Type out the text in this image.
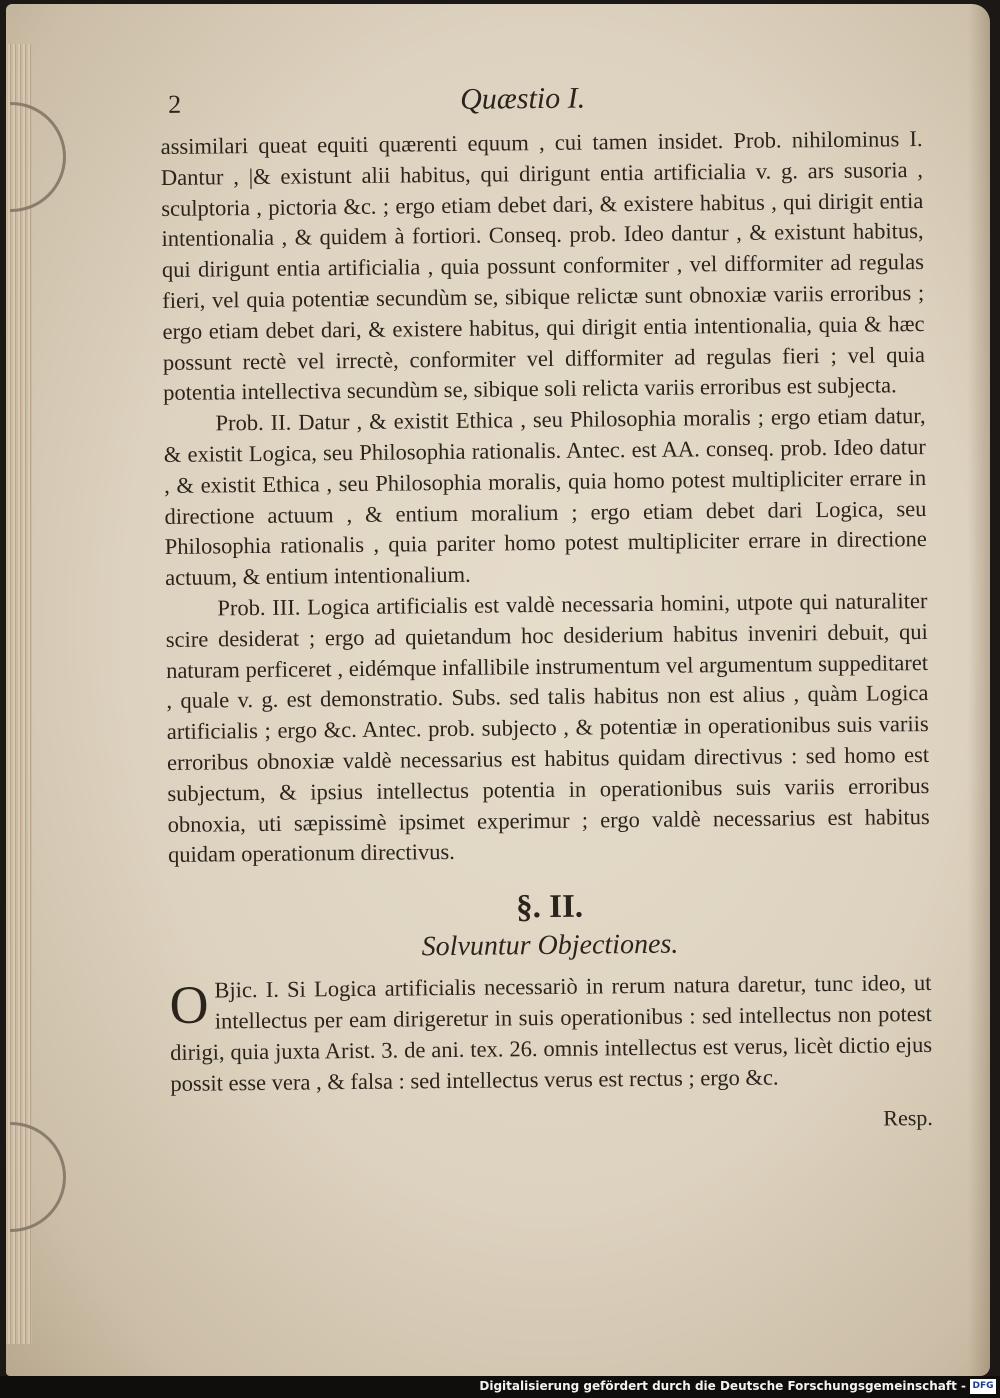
2	Quæstio I.

assimilari queat equiti quærenti equum , cui tamen insidet. Prob. nihilominus I. Dantur , |& existunt alii habitus, qui dirigunt entia artificialia v. g. ars susoria , sculptoria , pictoria &c. ; ergo etiam debet dari, & existere habitus , qui dirigit entia intentionalia , & quidem à fortiori. Conseq. prob. Ideo dantur , & existunt habitus, qui dirigunt entia artificialia , quia possunt conformiter , vel difformiter ad regulas fieri, vel quia potentiæ secundùm se, sibique relictæ sunt obnoxiæ variis erroribus ; ergo etiam debet dari, & existere habitus, qui dirigit entia intentionalia, quia & hæc possunt rectè vel irrectè, conformiter vel difformiter ad regulas fieri ; vel quia potentia intellectiva secundùm se, sibique soli relicta variis erroribus est subjecta.

Prob. II. Datur , & existit Ethica , seu Philosophia moralis ; ergo etiam datur, & existit Logica, seu Philosophia rationalis. Antec. est AA. conseq. prob. Ideo datur , & existit Ethica , seu Philosophia moralis, quia homo potest multipliciter errare in directione actuum , & entium moralium ; ergo etiam debet dari Logica, seu Philosophia rationalis , quia pariter homo potest multipliciter errare in directione actuum, & entium intentionalium.

Prob. III. Logica artificialis est valdè necessaria homini, utpote qui naturaliter scire desiderat ; ergo ad quietandum hoc desiderium habitus inveniri debuit, qui naturam perficeret , eidémque infallibile instrumentum vel argumentum suppeditaret , quale v. g. est demonstratio. Subs. sed talis habitus non est alius , quàm Logica artificialis ; ergo &c. Antec. prob. subjecto , & potentiæ in operationibus suis variis erroribus obnoxiæ valdè necessarius est habitus quidam directivus : sed homo est subjectum, & ipsius intellectus potentia in operationibus suis variis erroribus obnoxia, uti sæpissimè ipsimet experimur ; ergo valdè necessarius est habitus quidam operationum directivus.

§. II.
Solvuntur Objectiones.
O Bjic. I. Si Logica artificialis necessariò in rerum natura daretur, tunc ideo, ut intellectus per eam dirigeretur in suis operationibus : sed intellectus non potest dirigi, quia juxta Arist. 3. de ani. tex. 26. omnis intellectus est verus, licèt dictio ejus possit esse vera , & falsa : sed intellectus verus est rectus ; ergo &c.

Resp.
Digitalisierung gefördert durch die Deutsche Forschungsgemeinschaft - DFG
